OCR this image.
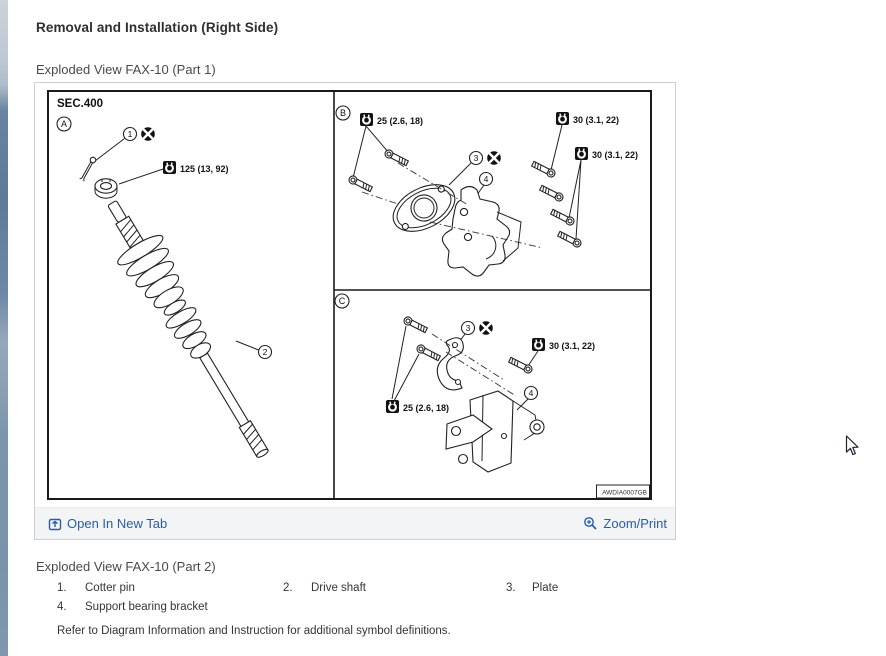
Removal and Installation (Right Side)
Exploded View FAX-10 (Part 1)
SEC.400
A
1
125 (13, 92)
2
B
25 (2.6, 18)	30 (3.1, 22)
30 (3.1, 22)
3
4
C
25 (2.6, 18)
3
30 (3.1, 22)
4
AWDIA0007GB
Open In New Tab	Zoom/Print
Exploded View FAX-10 (Part 2)
1. Cotter pin	2. Drive shaft	3. Plate
4. Support bearing bracket

Refer to Diagram Information and Instruction for additional symbol definitions.
